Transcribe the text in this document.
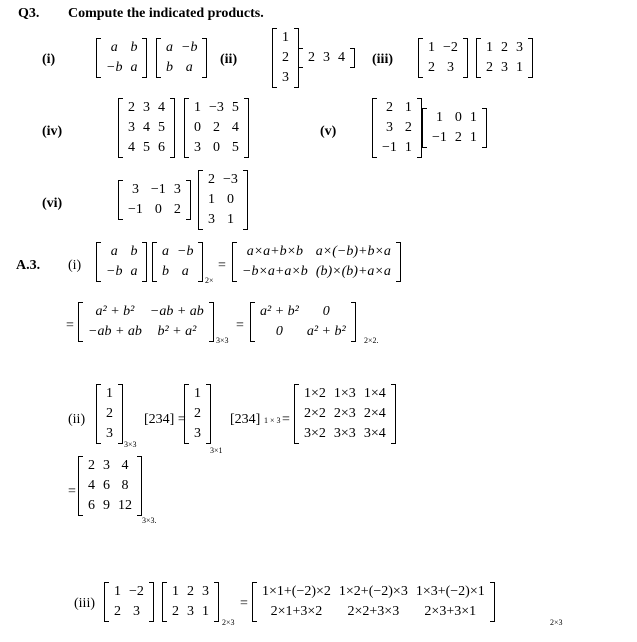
Q3. Compute the indicated products.
(i)
a	b
−b	a
a	−b
b	a
(ii)
1
2
3
2	3	4 (iii)
1	−2
2	3
1	2	3
2	3	1
(iv)
2	3	4
3	4	5
4	5	6
1	−3	5
0	2	4
3	0	5
(v)
2	1
3	2
−1	1
1	0	1
−1	2	1
(vi)
3	−1	3
−1	0	2
2	−3
1	0
3	1
A.3. (i)
a	b
−b	a
a	−b
b	a
2×
=
a×a+b×b	a×(−b)+b×a
−b×a+a×b	(b)×(b)+a×a
=
a² + b²	−ab + ab
−ab + ab	b² + a²
3×3
=
a² + b²	0
0	a² + b²
2×2.
(ii)
1
2
3
3×3
[234] =
1
2
3
3×1
[234] 1 × 3 =
1×2	1×3	1×4
2×2	2×3	2×4
3×2	3×3	3×4
=
2	3	4
4	6	8
6	9	12
3×3.
(iii)
1	−2
2	3
1	2	3
2	3	1
2×3
=
1×1+(−2)×2	1×2+(−2)×3	1×3+(−2)×1
2×1+3×2	2×2+3×3	2×3+3×1
2×3
